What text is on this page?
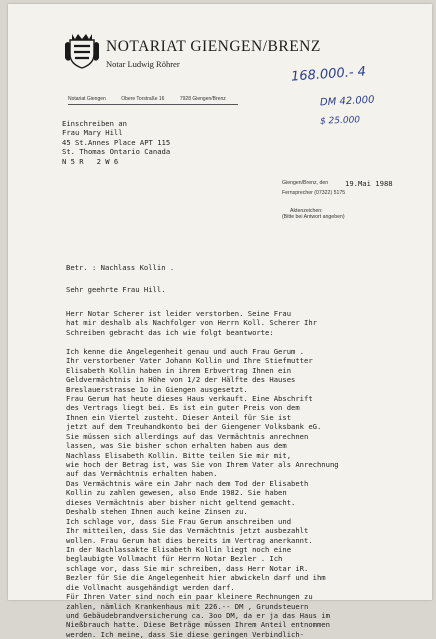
NOTARIAT GIENGEN/BRENZ
Notar Ludwig Röhrer
Notariat Giengen	Obere Torstraße 16	7928 Giengen/Brenz
168.000.- 4
DM 42.000
$ 25.000
Einschreiben an
Frau Mary Hill
45 St.Annes Place APT 115
St. Thomas Ontario Canada
N 5 R   2 W 6
Giengen/Brenz, den 19.Mai 1988
Fernsprecher (07322) 5175
Aktenzeichen:
(Bitte bei Antwort angeben)
Betr. : Nachlass Kollin .
Sehr geehrte Frau Hill.
Herr Notar Scherer ist leider verstorben. Seine Frau
hat mir deshalb als Nachfolger von Herrn Koll. Scherer Ihr
Schreiben gebracht das ich wie folgt beantworte:
Ich kenne die Angelegenheit genau und auch Frau Gerum .
Ihr verstorbener Vater Johann Kollin und Ihre Stiefmutter
Elisabeth Kollin haben in ihrem Erbvertrag Ihnen ein
Geldvermächtnis in Höhe von 1/2 der Hälfte des Hauses
Breslauerstrasse 1o in Giengen ausgesetzt.
Frau Gerum hat heute dieses Haus verkauft. Eine Abschrift
des Vertrags liegt bei. Es ist ein guter Preis von dem
Ihnen ein Viertel zusteht. Dieser Anteil für Sie ist
jetzt auf dem Treuhandkonto bei der Giengener Volksbank eG.
Sie müssen sich allerdings auf das Vermächtnis anrechnen
lassen, was Sie bisher schon erhalten haben aus dem
Nachlass Elisabeth Kollin. Bitte teilen Sie mir mit,
wie hoch der Betrag ist, was Sie von Ihrem Vater als Anrechnung
auf das Vermächtnis erhalten haben.
Das Vermächtnis wäre ein Jahr nach dem Tod der Elisabeth
Kollin zu zahlen gewesen, also Ende 1982. Sie haben
dieses Vermächtnis aber bisher nicht geltend gemacht.
Deshalb stehen Ihnen auch keine Zinsen zu.
Ich schlage vor, dass Sie Frau Gerum anschreiben und
Ihr mitteilen, dass Sie das Vermächtnis jetzt ausbezahlt
wollen. Frau Gerum hat dies bereits im Vertrag anerkannt.
In der Nachlassakte Elisabeth Kollin liegt noch eine
beglaubigte Vollmacht für Herrn Notar Bezler . Ich
schlage vor, dass Sie mir schreiben, dass Herr Notar iR.
Bezler für Sie die Angelegenheit hier abwickeln darf und ihm
die Vollmacht ausgehändigt werden darf.
Für Ihren Vater sind noch ein paar kleinere Rechnungen zu
zahlen, nämlich Krankenhaus mit 226.-- DM , Grundsteuern
und Gebäudebrandversicherung ca. 3oo DM, da er ja das Haus im
Nießbrauch hatte. Diese Beträge müssen Ihrem Anteil entnommen
werden. Ich meine, dass Sie diese geringen Verbindlich-
